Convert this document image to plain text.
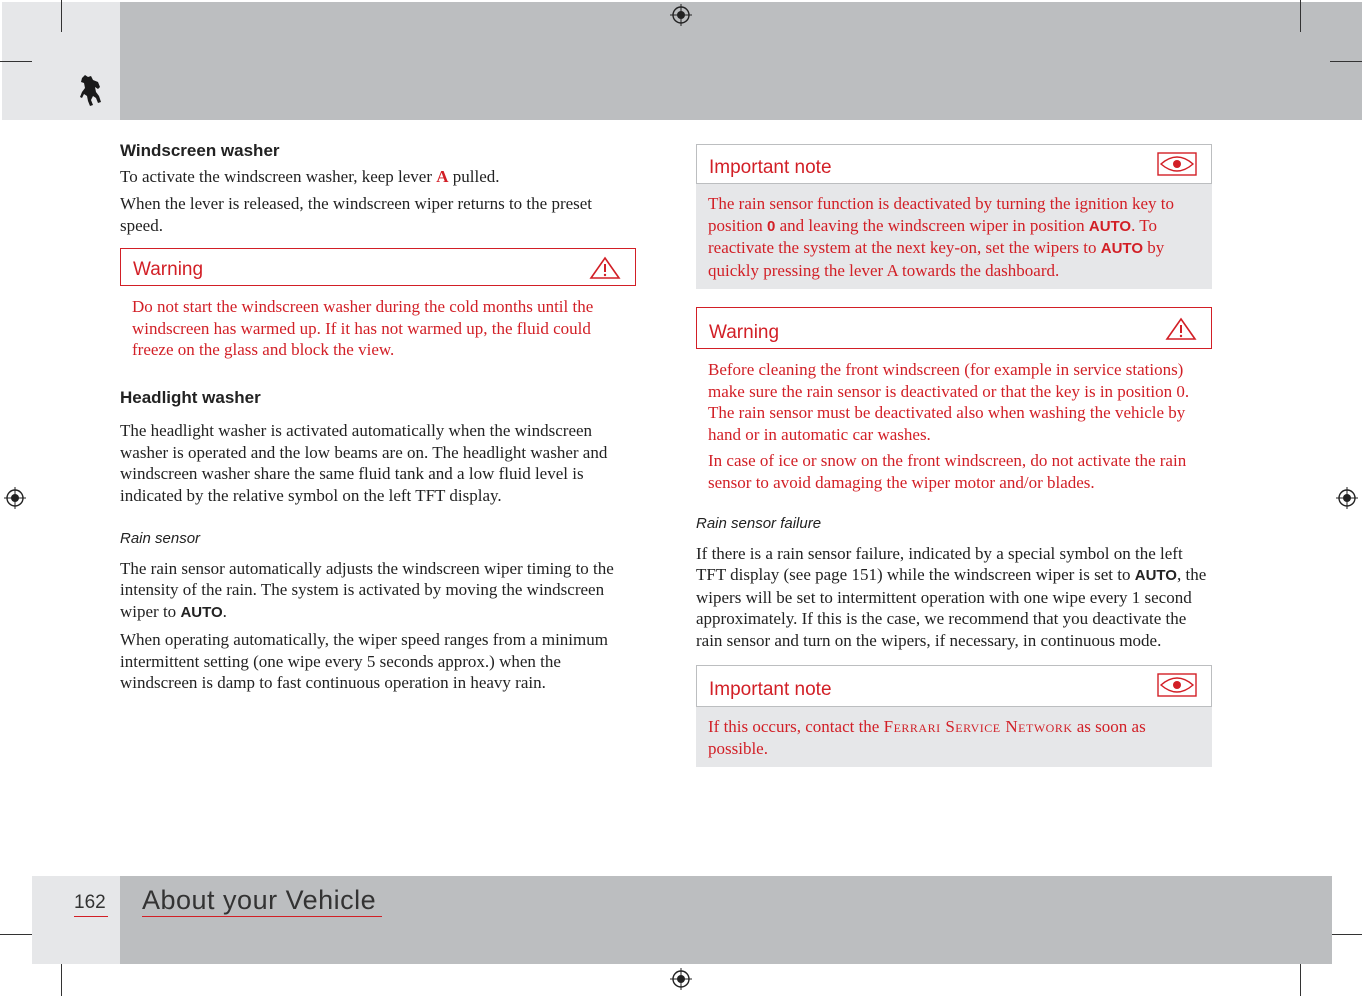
Windscreen washer

To activate the windscreen washer, keep lever A pulled.

When the lever is released, the windscreen wiper returns to the preset speed.

Warning

Do not start the windscreen washer during the cold months until the windscreen has warmed up. If it has not warmed up, the fluid could freeze on the glass and block the view.

Headlight washer

The headlight washer is activated automatically when the windscreen washer is operated and the low beams are on. The headlight washer and windscreen washer share the same fluid tank and a low fluid level is indicated by the relative symbol on the left TFT display.

Rain sensor

The rain sensor automatically adjusts the windscreen wiper timing to the intensity of the rain. The system is activated by moving the windscreen wiper to AUTO.

When operating automatically, the wiper speed ranges from a minimum intermittent setting (one wipe every 5 seconds approx.) when the windscreen is damp to fast continuous operation in heavy rain.

Important note
The rain sensor function is deactivated by turning the ignition key to position 0 and leaving the windscreen wiper in position AUTO. To reactivate the system at the next key-on, set the wipers to AUTO by quickly pressing the lever A towards the dashboard.
Warning

Before cleaning the front windscreen (for example in service stations) make sure the rain sensor is deactivated or that the key is in position 0. The rain sensor must be deactivated also when washing the vehicle by hand or in automatic car washes.

In case of ice or snow on the front windscreen, do not activate the rain sensor to avoid damaging the wiper motor and/or blades.

Rain sensor failure

If there is a rain sensor failure, indicated by a special symbol on the left TFT display (see page 151) while the windscreen wiper is set to AUTO, the wipers will be set to intermittent operation with one wipe every 1 second approximately. If this is the case, we recommend that you deactivate the rain sensor and turn on the wipers, if necessary, in continuous mode.

Important note
If this occurs, contact the Ferrari Service Network as soon as possible.
162 About your Vehicle
